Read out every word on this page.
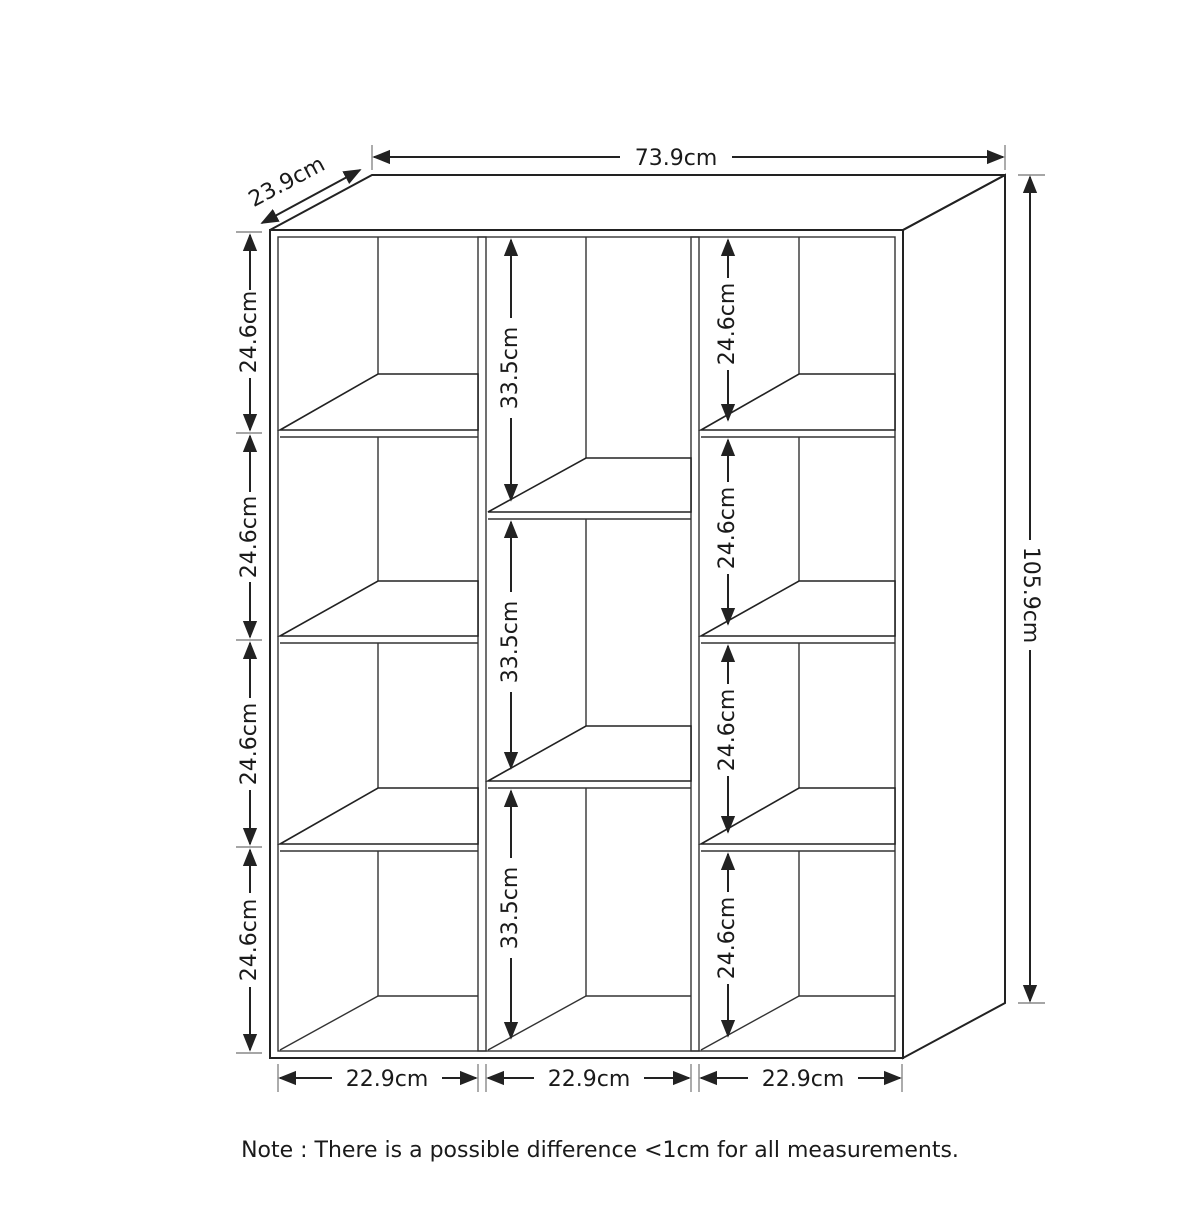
73.9cm
23.9cm
105.9cm
24.6cm
24.6cm
24.6cm
24.6cm
33.5cm
33.5cm
33.5cm
24.6cm
24.6cm
24.6cm
24.6cm
22.9cm	22.9cm	22.9cm
Note : There is a possible difference <1cm for all measurements.
